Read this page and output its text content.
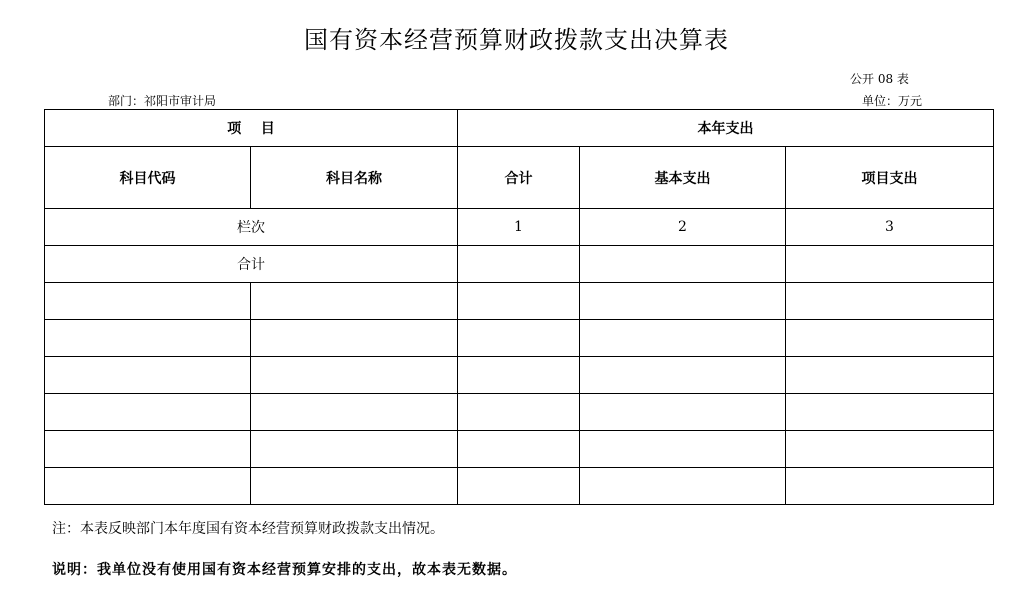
国有资本经营预算财政拨款支出决算表
公开 08 表
部门：祁阳市审计局	单位：万元
项    目		本年支出		
科目代码	科目名称	合计	基本支出	项目支出
栏次		1	2	3
合计				

注：本表反映部门本年度国有资本经营预算财政拨款支出情况。
说明：我单位没有使用国有资本经营预算安排的支出，故本表无数据。
